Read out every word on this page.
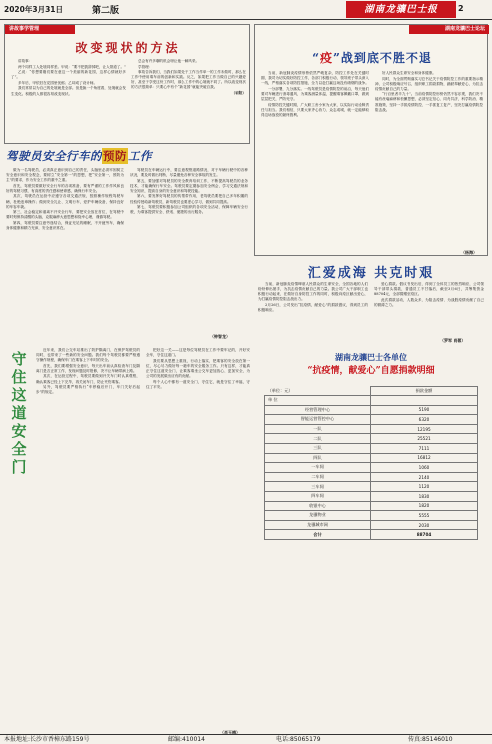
2020年3月31日	第二版	湖南龙骧巴士报	2
讲故事学管理
改变现状的方法

讲故事：

两个同样工人处境同样差。甲说：“要不把我辞掉吧，让人领道了。”

乙说：“你想要刚们要在意这一个美丽的新花园，这样心情就好多了”。

多年后，甲依旧在花园里忧郁；乙却成了设计师。

我们常常以为自己的处境就是全部。但是换一个角度看，处境就会发生变化。积极的人都很容易改变现状。

总会有许多聊的机会呀让他一瞬风采。

学管理：

事故告诉我们，当我们如果处于工作当作单一的工作未做时，那么在工作中使用乘车前的创新和实践。反之，如果把工作当做自己的兴趣爱好，甚至于享受这份工作时，那么工作中的心境就不同了。所以改变现状的方法很简单：只要心中有个“新花园”就能突破自我。

（岩阳）

驾驶员安全行车的预防工作

做为一名驾驶员，必须真正意识到自己的责任，头脑里必须牢固树立安全意识和安全观念，要树立“安全第一”的思想，把“安全第一，预防为主”的要求，作为安全工作的重中之重。

首先，驾驶员要做好安全行车的各项准备，要有严谨的工作作风和良好的驾驶习惯，有高度的责任感和使命感，确保行车安全。

其次，驾驶员在运营中应遵守各项交通法规，按照操作规程驾驶车辆，杜绝违章操作；做到安全礼让、文明行车，爱护车辆设备，保持良好的车容车貌。

第三，社会稳定和谐离不开安全行车，要把安全放在首位，在驾驶中要时刻保持清醒的头脑，克服麻痹大意思想和侥幸心理，谨慎驾驶。

第四，驾驶员要注意劳逸结合，保证充足的睡眠，不开疲劳车，确保身体健康和精力充沛，安全意识常在。

驾驶员在车辆运行中，要注意观察道路情况，对于车辆行驶中的各种状况，要及时做出判断，尽量避免各种安全事故的发生。

第五，要加强对驾驶员的安全教育培训工作，不断提高驾驶员的业务技术，才能确保行车安全。驾驶员要定期参加安全例会，学习交通法规和安全知识，提高自身的安全意识和驾驶技能。

第六，要发挥好驾驶员的传帮带作用，老驾驶员要把自己多年积累的经验传授给新驾驶员，新驾驶员也要虚心学习，做到共同提高。

第七，驾驶员要积极参加公司组织的各项安全活动，保障车辆安全行驶，为乘客提供安全、舒适、便捷的出行服务。

（钟智龙）
湖南龙骧巴士论坛
“疫”战到底不胜不退

当前，新冠肺炎疫情形势依然严峻复杂，防控工作处在关键时期，我司为切实做好防控工作，各部门积极行动，领导班子带头深入一线，严格落实各项防控措施，全力以赴打赢这场没有硝烟的战争。

一分部署，九分落实。一线驾驶员是疫情防控的前沿，每天他们要对车辆进行消毒通风，为乘客测量体温，提醒乘客佩戴口罩，做到层层把关，严防死守。

疫情防控关键时期，广大职工舍小家为大家，以实际行动诠释责任与担当。我们相信，只要大家齐心协力、众志成城，就一定能够取得这场战役的最终胜利。

好人民群众生命安全和身体健康。

同时，为全面贯彻落实习总书记关于疫情防控工作的重要指示精神，公司积极响应号召，组织职工捐款捐物，踊跃奉献爱心，为抗击疫情贡献自己的力量。

“行百里者半九十”。当前疫情防控形势仍然不容乐观，我们决不能有丝毫麻痹和松懈思想，必须坚定信心、同舟共济，科学防治、精准施策，坚持一手抓疫情防控、一手抓复工复产，坚决打赢疫情防控阻击战。

（杨海）
汇爱成海 共克时艰

当前，新冠肺炎疫情肆虐人民群众的生命安全，全国各地的人们纷纷伸出援手，为抗击疫情贡献自己的力量。我公司广大干部职工也积极行动起来，在做好自身防控工作的同时，积极向疫区献出爱心，为打赢疫情防控阻击战出力。

2月26日，公司发出“抗疫情，献爱心”的捐款倡议，得到员工的积极响应。

爱心捐款。倡议书发出后，得到了全体员工的热烈响应，公司领导干部带头捐款，普通员工不甘落后，截至3月6日，共筹集资金88704元，全部捐赠至疫区。

此次捐款活动，人数众多，为阻击疫情、为战胜疫情贡献了自己的微薄之力。

（罗军 肖蓉）
守住这道安全门

近年来，我们公交车站推出了防护隔离门，在保护驾驶员的同时，也带来了一些新的安全问题。我们每个驾驶员都要严格遵守操作规程，确保车门在乘客上下车时的安全。

首先，我们要增强安全意识，每天出车前认真检查车门及隔离门是否正常工作，发现问题及时报修，决不让车辆带病上路。

其次，在运营过程中，驾驶员要做到开关车门时认真观察，确认乘客已经上下完毕，再关闭车门，防止夹伤乘客。

另外，驾驶员要严格执行“车停稳后开门，车门关好后起步”的规定。

把好这一关——这是每位驾驶员在工作中要牢记的，开好安全车，守住这道门。

我们要从思想上重视，行动上落实，把乘客的安全放在第一位，尽心尽力做好每一趟车的安全服务工作。只有这样，才能真正守住这道安全门，让乘客乘坐公交车更加放心、更加安全，为公司的发展做出应有的贡献。

每个人心中都有一道安全门，守住它，就是守住了幸福，守住了平安。

（肖玉梅）
湖南龙骧巴士各单位
“抗疫情，献爱心”自愿捐款明细
（单位：元）		捐款金额
单 位		
经营管理中心		5190
智能运营管控中心		6320
一队		12195
二队		25521
三队		7111
四队		16812
一车间		1060
二车间		2140
三车间		1120
四车间		1830
收银中心		1820
龙骧物业		5555
龙骧城市网		2030
合计		88704
本报地址:长沙市香樟东路159号	邮编:410014	电话:85065179	传真:85146010
